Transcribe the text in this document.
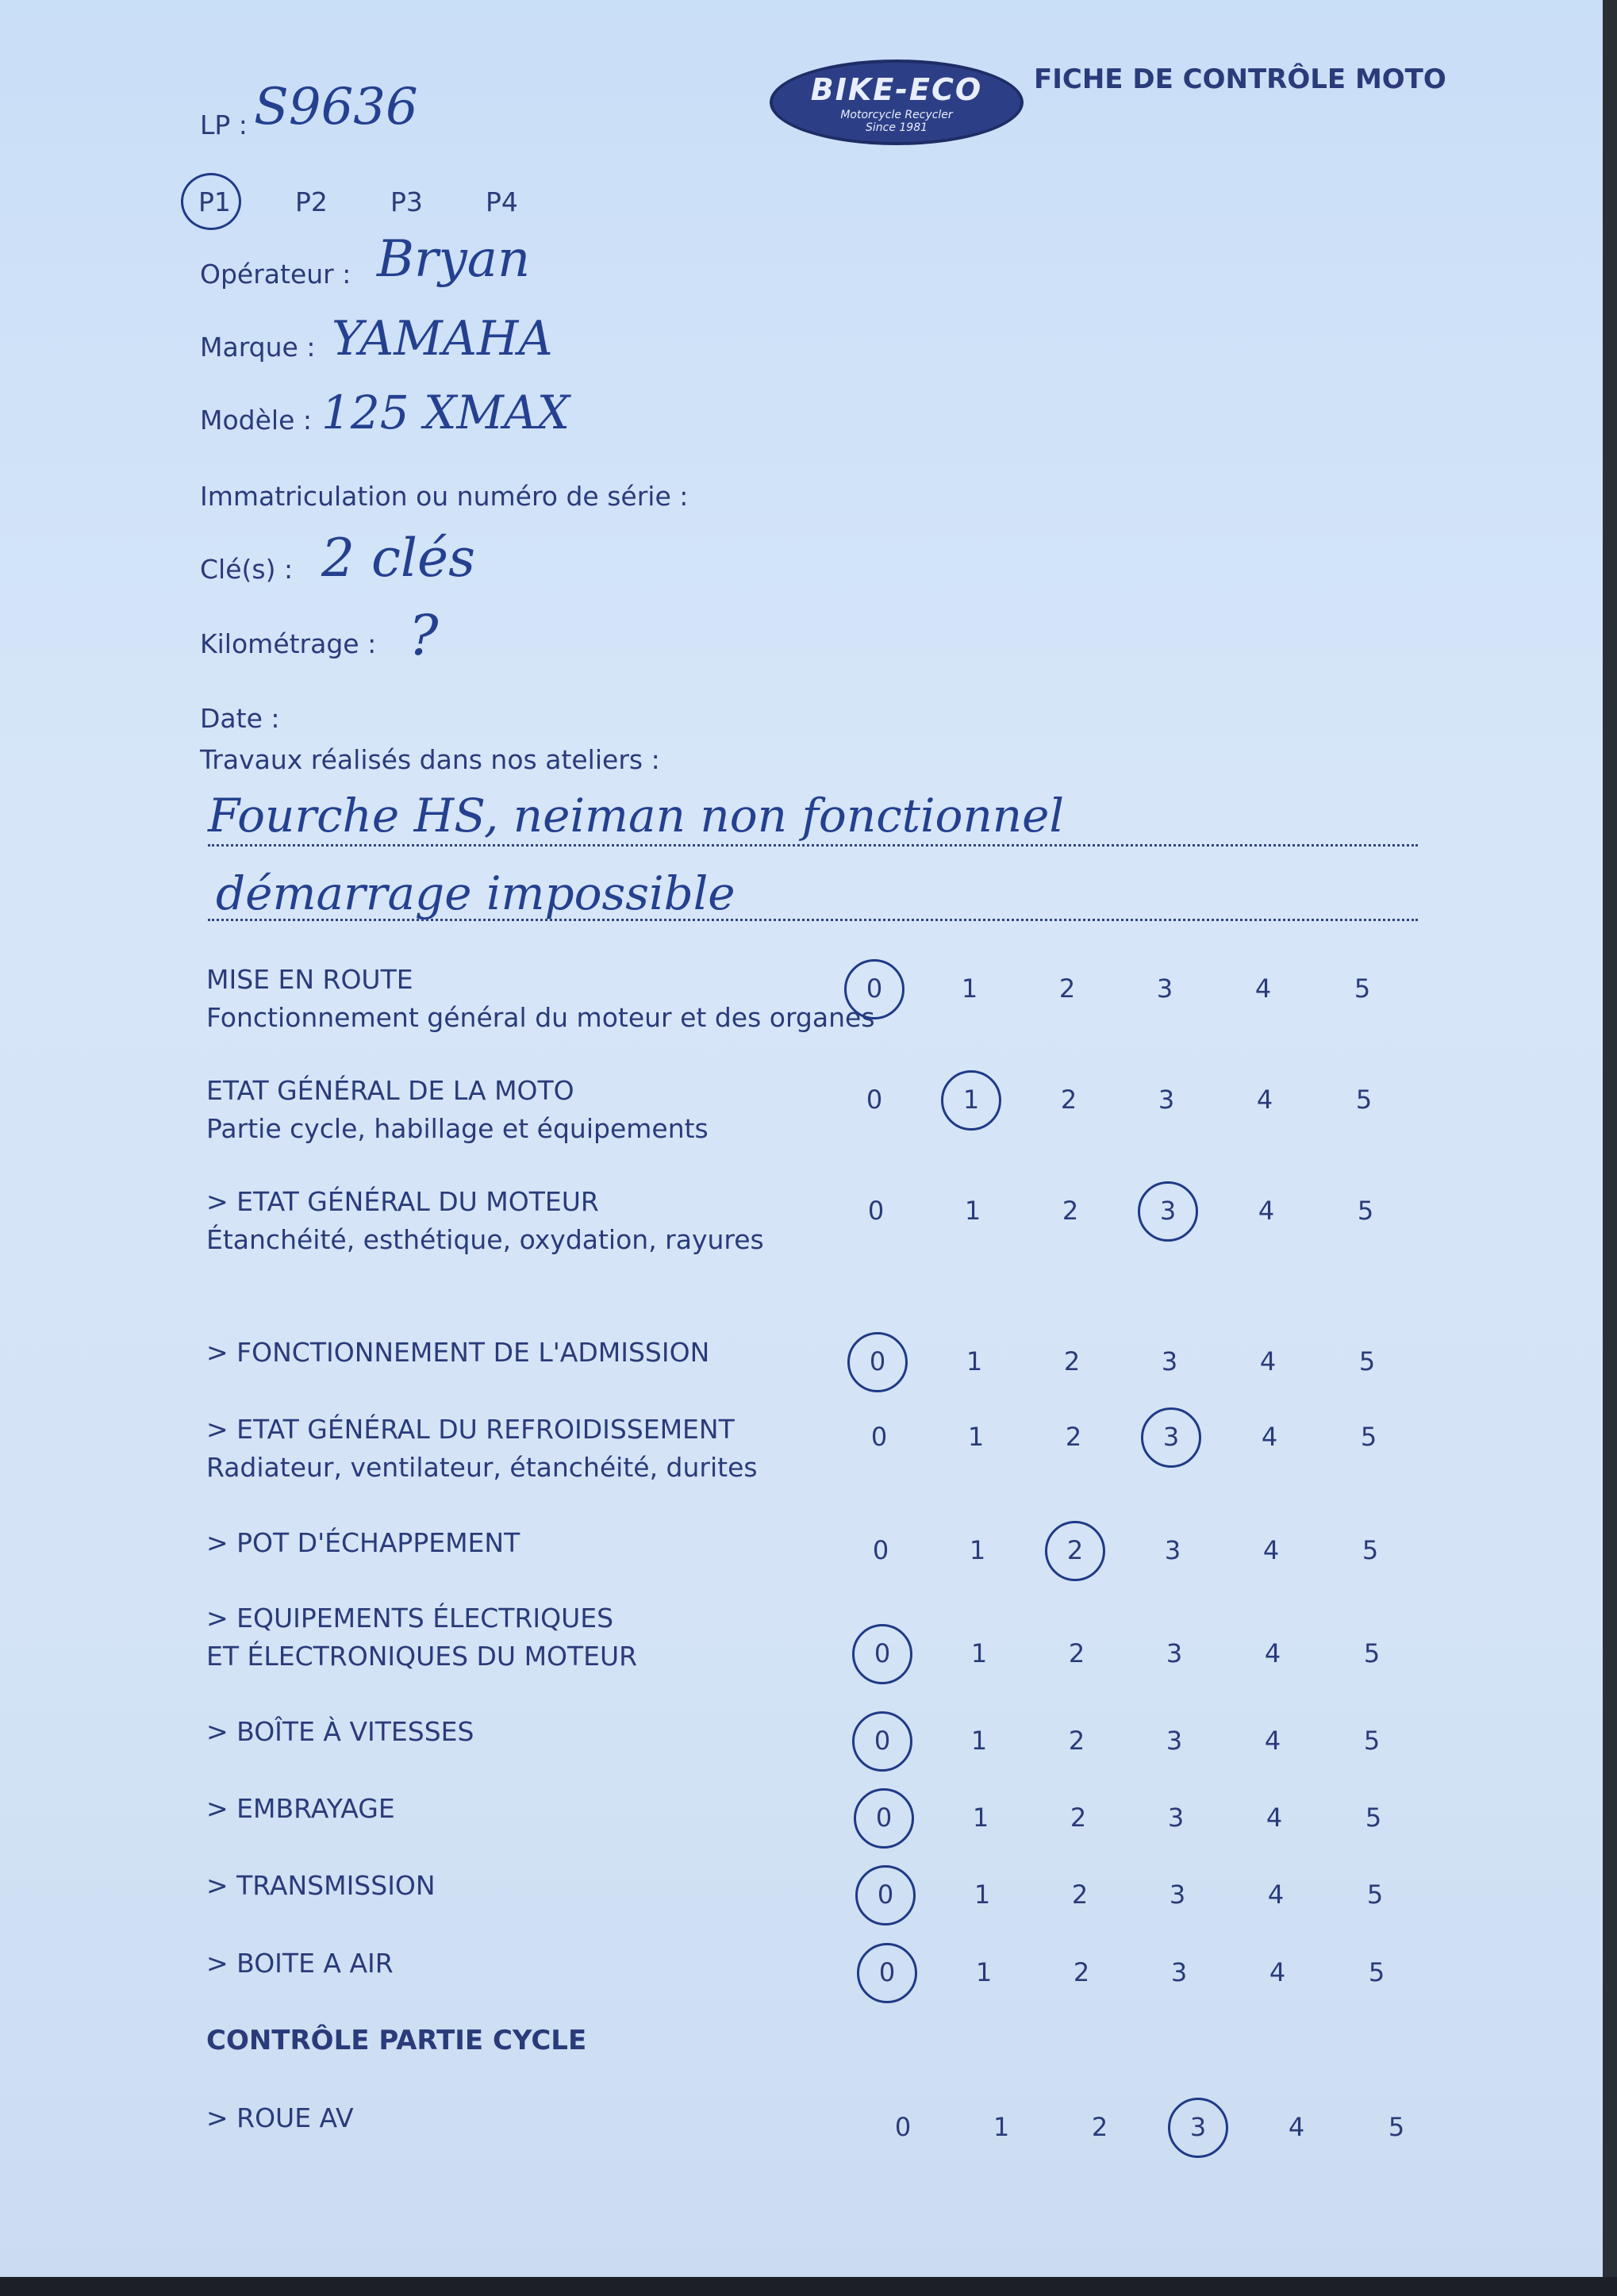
BIKE-ECO
Motorcycle Recycler
Since 1981
FICHE DE CONTRÔLE MOTO
LP : S9636
P1 P2 P3 P4
Opérateur : Bryan
Marque : YAMAHA
Modèle : 125 XMAX
Immatriculation ou numéro de série :
Clé(s) : 2 clés
Kilométrage : ?
Date :
Travaux réalisés dans nos ateliers :
Fourche HS, neiman non fonctionnel
démarrage impossible
MISE EN ROUTE
Fonctionnement général du moteur et des organes
0	1	2	3	4	5
ETAT GÉNÉRAL DE LA MOTO
Partie cycle, habillage et équipements
0	1	2	3	4	5
> ETAT GÉNÉRAL DU MOTEUR
Étanchéité, esthétique, oxydation, rayures
0	1	2	3	4	5
> FONCTIONNEMENT DE L'ADMISSION	0	1	2	3	4	5
> ETAT GÉNÉRAL DU REFROIDISSEMENT
Radiateur, ventilateur, étanchéité, durites
0	1	2	3	4	5
> POT D'ÉCHAPPEMENT	0	1	2	3	4	5
> EQUIPEMENTS ÉLECTRIQUES
ET ÉLECTRONIQUES DU MOTEUR	0	1	2	3	4	5
> BOÎTE À VITESSES	0	1	2	3	4	5
> EMBRAYAGE	0	1	2	3	4	5
> TRANSMISSION	0	1	2	3	4	5
> BOITE A AIR	0	1	2	3	4	5
> ROUE AV	0	1	2	3	4	5
CONTRÔLE PARTIE CYCLE
